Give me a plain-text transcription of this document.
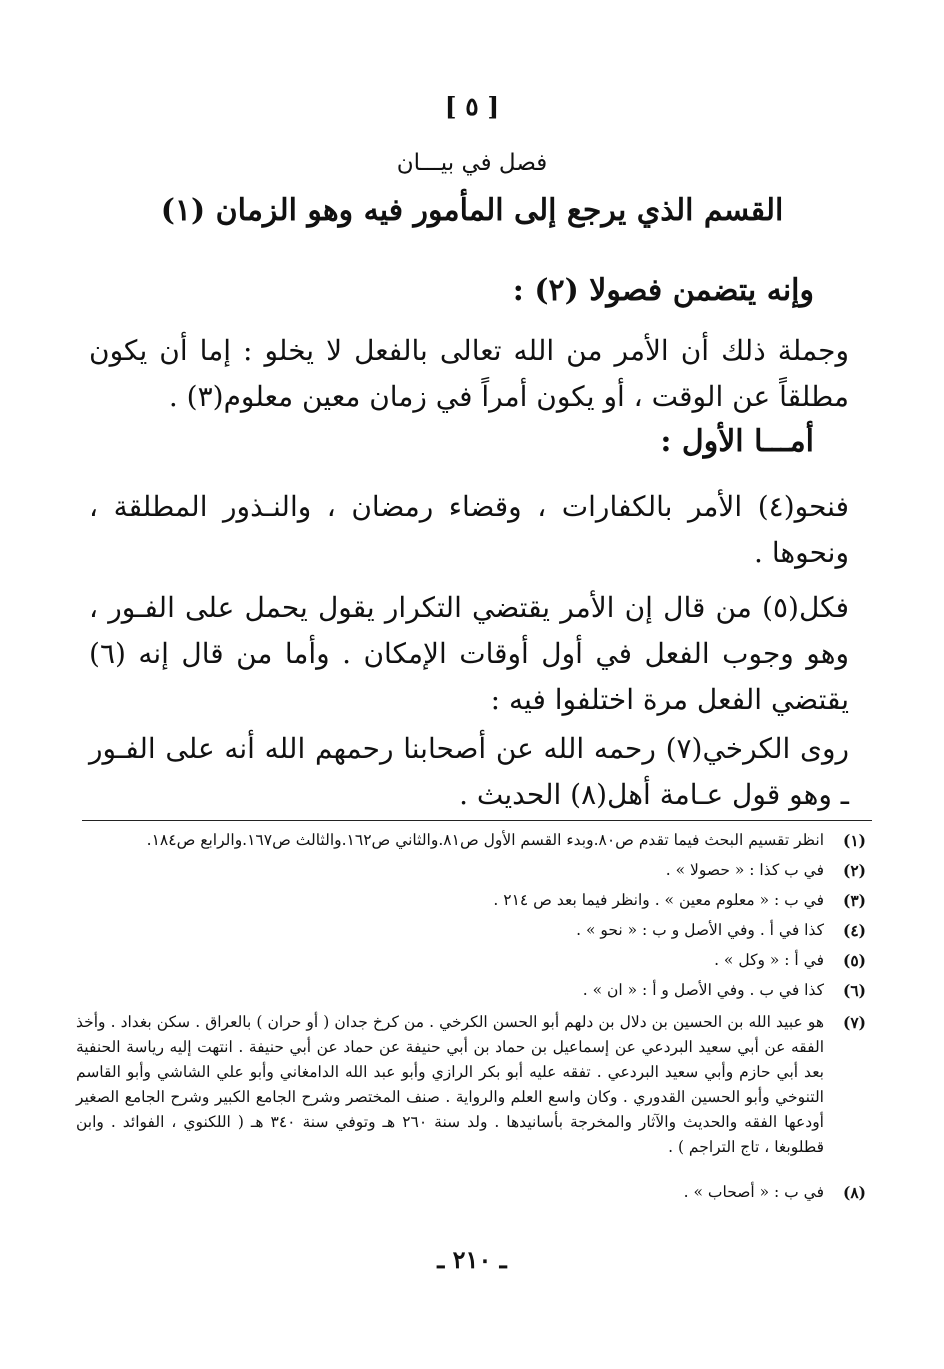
[ ٥ ]
فصل في بيـــان
القسم الذي يرجع إلى المأمور فيه وهو الزمان (١)
وإنه يتضمن فصولا (٢) :
وجملة ذلك أن الأمر من الله تعالى بالفعل لا يخلو : إما أن يكون مطلقاً عن الوقت ، أو يكون أمراً في زمان معين معلوم(٣) .
أمـــا الأول :
فنحو(٤) الأمر بالكفارات ، وقضاء رمضان ، والنـذور المطلقة ، ونحوها .
فكل(٥) من قال إن الأمر يقتضي التكرار يقول يحمل على الفـور ، وهو وجوب الفعل في أول أوقات الإمكان . وأما من قال إنه (٦) يقتضي الفعل مرة اختلفوا فيه :
روى الكرخي(٧) رحمه الله عن أصحابنا رحمهم الله أنه على الفـور ـ وهو قول عـامة أهل(٨) الحديث .
(١)
انظر تقسيم البحث فيما تقدم ص٨٠.وبدء القسم الأول ص٨١.والثاني ص١٦٢.والثالث ص١٦٧.والرابع ص١٨٤.
(٢)
في ب كذا : « حصولا » .
(٣)
في ب : « معلوم معين » . وانظر فيما بعد ص ٢١٤ .
(٤)
كذا في أ . وفي الأصل و ب : « نحو » .
(٥)
في أ : « وكل » .
(٦)
كذا في ب . وفي الأصل و أ : « ان » .
(٧)
هو عبيد الله بن الحسين بن دلال بن دلهم أبو الحسن الكرخي . من كرخ جدان ( أو حران ) بالعراق . سكن بغداد . وأخذ الفقه عن أبي سعيد البردعي عن إسماعيل بن حماد بن أبي حنيفة عن حماد عن أبي حنيفة . انتهت إليه رياسة الحنفية بعد أبي حازم وأبي سعيد البردعي . تفقه عليه أبو بكر الرازي وأبو عبد الله الدامغاني وأبو علي الشاشي وأبو القاسم التنوخي وأبو الحسين القدوري . وكان واسع العلم والرواية . صنف المختصر وشرح الجامع الكبير وشرح الجامع الصغير أودعها الفقه والحديث والآثار والمخرجة بأسانيدها . ولد سنة ٢٦٠ هـ وتوفي سنة ٣٤٠ هـ ( اللكنوي ، الفوائد . وابن قطلوبغا ، تاج التراجم ) .
(٨)
في ب : « أصحاب » .
ـ ٢١٠ ـ
